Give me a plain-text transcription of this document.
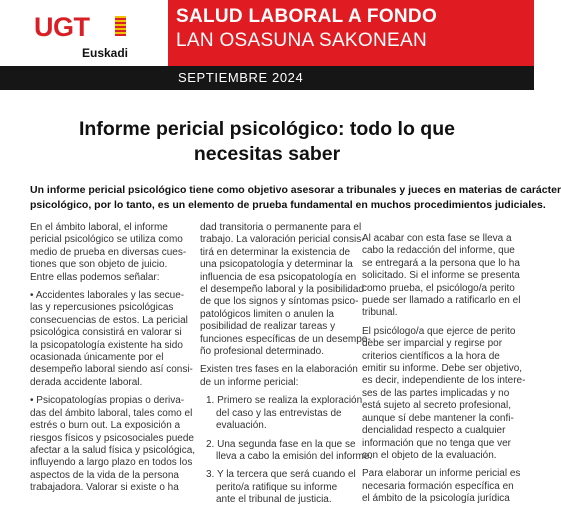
UGT
Euskadi
SALUD LABORAL A FONDO
LAN OSASUNA SAKONEAN
SEPTIEMBRE 2024
Informe pericial psicológico: todo lo que
necesitas saber
Un informe pericial psicológico tiene como objetivo asesorar a tribunales y jueces en materias de carácter
psicológico, por lo tanto, es un elemento de prueba fundamental en muchos procedimientos judiciales.

En el ámbito laboral, el informe
pericial psicológico se utiliza como
medio de prueba en diversas cues-
tiones que son objeto de juicio.
Entre ellas podemos señalar:

• Accidentes laborales y las secue-
las y repercusiones psicológicas
consecuencias de estos. La pericial
psicológica consistirá en valorar si
la psicopatología existente ha sido
ocasionada únicamente por el
desempeño laboral siendo así consi-
derada accidente laboral.

• Psicopatologías propias o deriva-
das del ámbito laboral, tales como el
estrés o burn out. La exposición a
riesgos físicos y psicosociales puede
afectar a la salud física y psicológica,
influyendo a largo plazo en todos los
aspectos de la vida de la persona
trabajadora. Valorar si existe o ha

dad transitoria o permanente para el
trabajo. La valoración pericial consis-
tirá en determinar la existencia de
una psicopatología y determinar la
influencia de esa psicopatología en
el desempeño laboral y la posibilidad
de que los signos y síntomas psico-
patológicos limiten o anulen la
posibilidad de realizar tareas y
funciones específicas de un desempe-
ño profesional determinado.

Existen tres fases en la elaboración
de un informe pericial:

1. Primero se realiza la exploración
del caso y las entrevistas de
evaluación.

2. Una segunda fase en la que se
lleva a cabo la emisión del informe.

3. Y la tercera que será cuando el
perito/a ratifique su informe
ante el tribunal de justicia.

Al acabar con esta fase se lleva a
cabo la redacción del informe, que
se entregará a la persona que lo ha
solicitado. Si el informe se presenta
como prueba, el psicólogo/a perito
puede ser llamado a ratificarlo en el
tribunal.

El psicólogo/a que ejerce de perito
debe ser imparcial y regirse por
criterios científicos a la hora de
emitir su informe. Debe ser objetivo,
es decir, independiente de los intere-
ses de las partes implicadas y no
está sujeto al secreto profesional,
aunque sí debe mantener la confi-
dencialidad respecto a cualquier
información que no tenga que ver
con el objeto de la evaluación.

Para elaborar un informe pericial es
necesaria formación específica en
el ámbito de la psicología jurídica
